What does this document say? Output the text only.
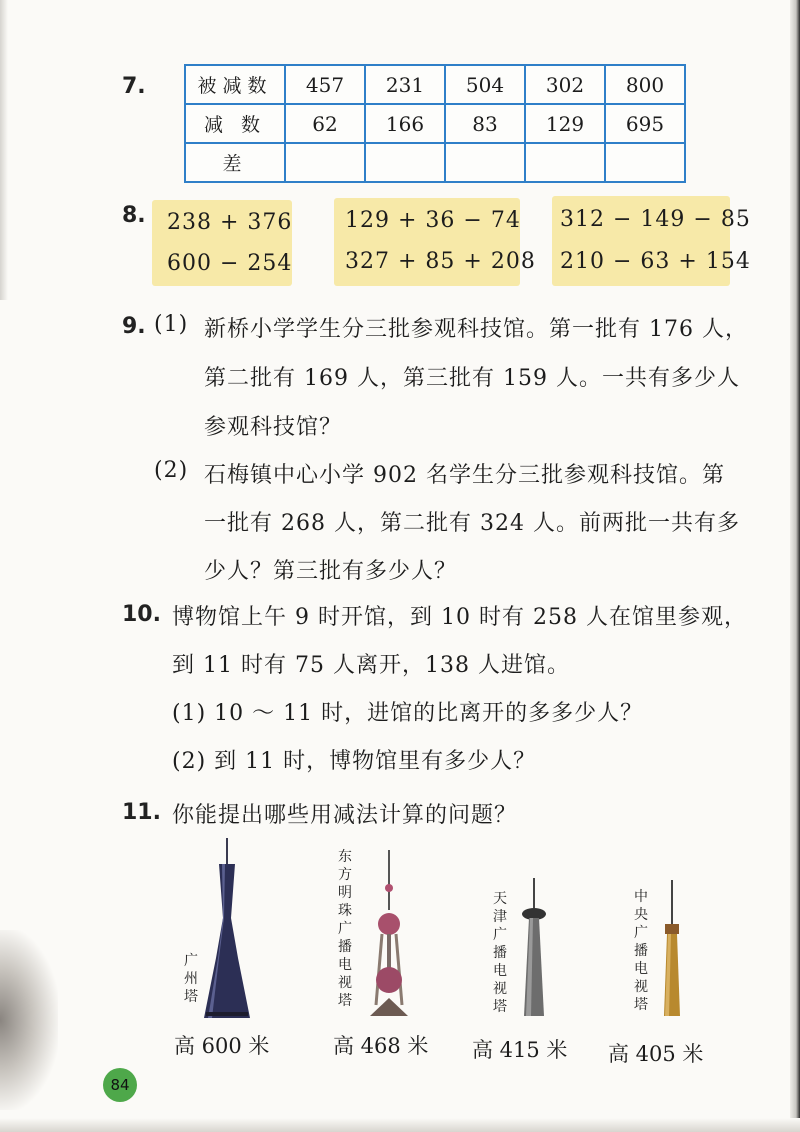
7.	被减数	457	231	504	302	800
减 数	62	166	83	129	695
差					
8. 238 + 376
600 − 254
129 + 36 − 74
327 + 85 + 208
312 − 149 − 85
210 − 63 + 154
9. (1) 新桥小学学生分三批参观科技馆。第一批有 176 人，
第二批有 169 人，第三批有 159 人。一共有多少人
参观科技馆？
(2) 石梅镇中心小学 902 名学生分三批参观科技馆。第
一批有 268 人，第二批有 324 人。前两批一共有多
少人？第三批有多少人？
10. 博物馆上午 9 时开馆，到 10 时有 258 人在馆里参观，
到 11 时有 75 人离开，138 人进馆。
(1) 10 ～ 11 时，进馆的比离开的多多少人？
(2) 到 11 时，博物馆里有多少人？
11. 你能提出哪些用减法计算的问题？
广州塔
高 600 米
东方明珠广播电视塔
高 468 米
天津广播电视塔
高 415 米
中央广播电视塔
高 405 米
84
